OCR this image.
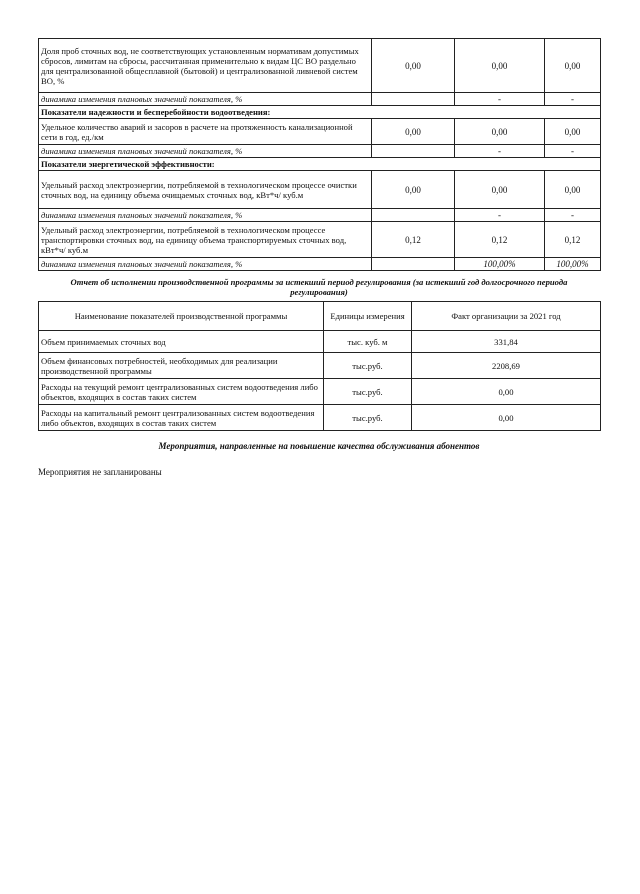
Доля проб сточных вод, не соответствующих установленным нормативам допустимых сбросов, лимитам на сбросы, рассчитанная применительно к видам ЦС ВО раздельно для централизованной общесплавной (бытовой) и централизованной ливневой систем ВО, %	0,00	0,00	0,00
динамика изменения плановых значений показателя, %		-	-
Показатели надежности и бесперебойности водоотведения:			
Удельное количество аварий и засоров в расчете на протяженность канализационной сети в год, ед./км	0,00	0,00	0,00
динамика изменения плановых значений показателя, %		-	-
Показатели энергетической эффективности:			
Удельный расход электроэнергии, потребляемой в технологическом процессе очистки сточных вод, на единицу объема очищаемых сточных вод, кВт*ч/ куб.м	0,00	0,00	0,00
динамика изменения плановых значений показателя, %		-	-
Удельный расход электроэнергии, потребляемой в технологическом процессе транспортировки сточных вод, на единицу объема транспортируемых сточных вод, кВт*ч/ куб.м	0,12	0,12	0,12
динамика изменения плановых значений показателя, %		100,00%	100,00%
Отчет об исполнении производственной программы за истекший период регулирования (за истекший год долгосрочного периода регулирования)
Наименование показателей производственной программы	Единицы измерения	Факт организации за 2021 год
Объем принимаемых сточных вод	тыс. куб. м	331,84
Объем финансовых потребностей, необходимых для реализации производственной программы	тыс.руб.	2208,69
Расходы на текущий ремонт централизованных систем водоотведения либо объектов, входящих в состав таких систем	тыс.руб.	0,00
Расходы на капитальный ремонт централизованных систем водоотведения либо объектов, входящих в состав таких систем	тыс.руб.	0,00
Мероприятия, направленные на повышение качества обслуживания абонентов
Мероприятия не запланированы
